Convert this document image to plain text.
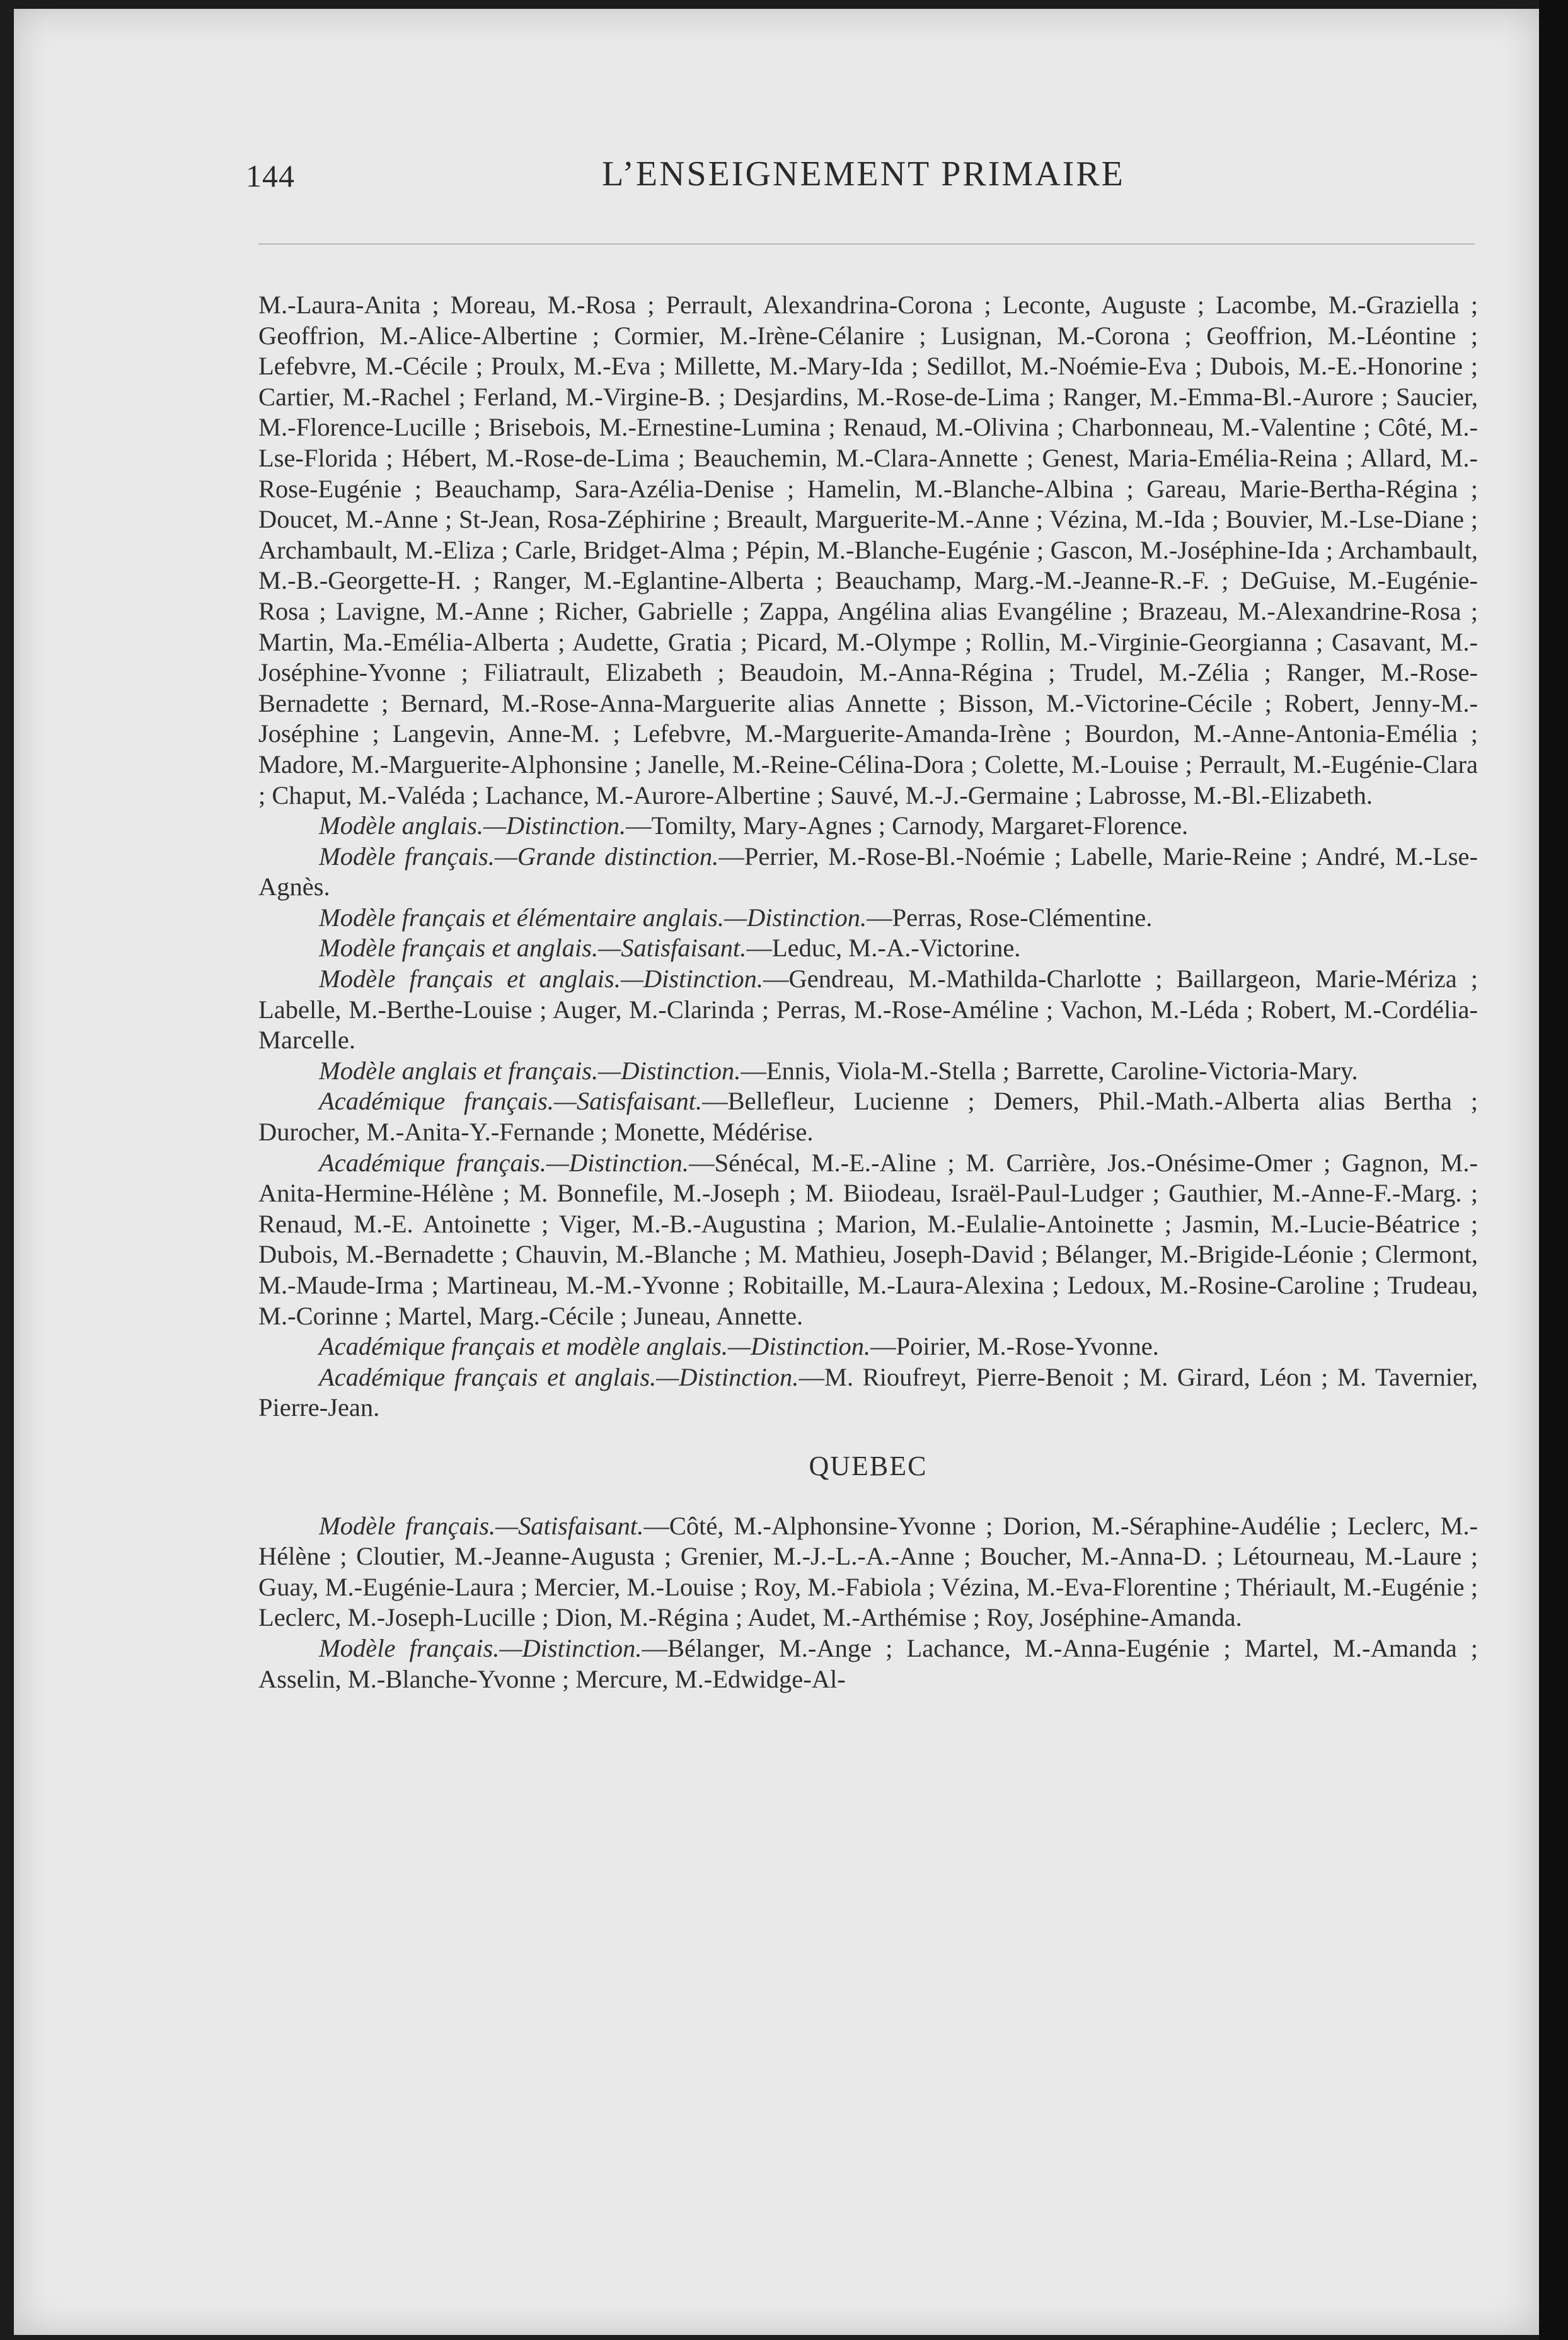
144	L’ENSEIGNEMENT PRIMAIRE

M.-Laura-Anita ; Moreau, M.-Rosa ; Perrault, Alexandrina-Corona ; Leconte, Auguste ; Lacombe, M.-Graziella ; Geoffrion, M.-Alice-Albertine ; Cormier, M.-Irène-Célanire ; Lusignan, M.-Corona ; Geoffrion, M.-Léontine ; Lefebvre, M.-Cécile ; Proulx, M.-Eva ; Millette, M.-Mary-Ida ; Sedillot, M.-Noémie-Eva ; Dubois, M.-E.-Honorine ; Cartier, M.-Rachel ; Ferland, M.-Virgine-B. ; Desjardins, M.-Rose-de-Lima ; Ranger, M.-Emma-Bl.-Aurore ; Saucier, M.-Florence-Lucille ; Brisebois, M.-Ernestine-Lumina ; Renaud, M.-Olivina ; Charbonneau, M.-Valentine ; Côté, M.-Lse-Florida ; Hébert, M.-Rose-de-Lima ; Beauchemin, M.-Clara-Annette ; Genest, Maria-Emélia-Reina ; Allard, M.-Rose-Eugénie ; Beauchamp, Sara-Azélia-Denise ; Hamelin, M.-Blanche-Albina ; Gareau, Marie-Bertha-Régina ; Doucet, M.-Anne ; St-Jean, Rosa-Zéphirine ; Breault, Marguerite-M.-Anne ; Vézina, M.-Ida ; Bouvier, M.-Lse-Diane ; Archambault, M.-Eliza ; Carle, Bridget-Alma ; Pépin, M.-Blanche-Eugénie ; Gascon, M.-Joséphine-Ida ; Archambault, M.-B.-Georgette-H. ; Ranger, M.-Eglantine-Alberta ; Beauchamp, Marg.-M.-Jeanne-R.-F. ; DeGuise, M.-Eugénie-Rosa ; Lavigne, M.-Anne ; Richer, Gabrielle ; Zappa, Angélina alias Evangéline ; Brazeau, M.-Alexandrine-Rosa ; Martin, Ma.-Emélia-Alberta ; Audette, Gratia ; Picard, M.-Olympe ; Rollin, M.-Virginie-Georgianna ; Casavant, M.-Joséphine-Yvonne ; Filiatrault, Elizabeth ; Beaudoin, M.-Anna-Régina ; Trudel, M.-Zélia ; Ranger, M.-Rose-Bernadette ; Bernard, M.-Rose-Anna-Marguerite alias Annette ; Bisson, M.-Victorine-Cécile ; Robert, Jenny-M.-Joséphine ; Langevin, Anne-M. ; Lefebvre, M.-Marguerite-Amanda-Irène ; Bourdon, M.-Anne-Antonia-Emélia ; Madore, M.-Marguerite-Alphonsine ; Janelle, M.-Reine-Célina-Dora ; Colette, M.-Louise ; Perrault, M.-Eugénie-Clara ; Chaput, M.-Valéda ; Lachance, M.-Aurore-Albertine ; Sauvé, M.-J.-Germaine ; Labrosse, M.-Bl.-Elizabeth.

Modèle anglais.—Distinction.—Tomilty, Mary-Agnes ; Carnody, Margaret-Florence.

Modèle français.—Grande distinction.—Perrier, M.-Rose-Bl.-Noémie ; Labelle, Marie-Reine ; André, M.-Lse-Agnès.

Modèle français et élémentaire anglais.—Distinction.—Perras, Rose-Clémentine.

Modèle français et anglais.—Satisfaisant.—Leduc, M.-A.-Victorine.

Modèle français et anglais.—Distinction.—Gendreau, M.-Mathilda-Charlotte ; Baillargeon, Marie-Mériza ; Labelle, M.-Berthe-Louise ; Auger, M.-Clarinda ; Perras, M.-Rose-Améline ; Vachon, M.-Léda ; Robert, M.-Cordélia-Marcelle.

Modèle anglais et français.—Distinction.—Ennis, Viola-M.-Stella ; Barrette, Caroline-Victoria-Mary.

Académique français.—Satisfaisant.—Bellefleur, Lucienne ; Demers, Phil.-Math.-Alberta alias Bertha ; Durocher, M.-Anita-Y.-Fernande ; Monette, Médérise.

Académique français.—Distinction.—Sénécal, M.-E.-Aline ; M. Carrière, Jos.-Onésime-Omer ; Gagnon, M.-Anita-Hermine-Hélène ; M. Bonnefile, M.-Joseph ; M. Biiodeau, Israël-Paul-Ludger ; Gauthier, M.-Anne-F.-Marg. ; Renaud, M.-E. Antoinette ; Viger, M.-B.-Augustina ; Marion, M.-Eulalie-Antoinette ; Jasmin, M.-Lucie-Béatrice ; Dubois, M.-Bernadette ; Chauvin, M.-Blanche ; M. Mathieu, Joseph-David ; Bélanger, M.-Brigide-Léonie ; Clermont, M.-Maude-Irma ; Martineau, M.-M.-Yvonne ; Robitaille, M.-Laura-Alexina ; Ledoux, M.-Rosine-Caroline ; Trudeau, M.-Corinne ; Martel, Marg.-Cécile ; Juneau, Annette.

Académique français et modèle anglais.—Distinction.—Poirier, M.-Rose-Yvonne.

Académique français et anglais.—Distinction.—M. Rioufreyt, Pierre-Benoit ; M. Girard, Léon ; M. Tavernier, Pierre-Jean.

QUEBEC

Modèle français.—Satisfaisant.—Côté, M.-Alphonsine-Yvonne ; Dorion, M.-Séraphine-Audélie ; Leclerc, M.-Hélène ; Cloutier, M.-Jeanne-Augusta ; Grenier, M.-J.-L.-A.-Anne ; Boucher, M.-Anna-D. ; Létourneau, M.-Laure ; Guay, M.-Eugénie-Laura ; Mercier, M.-Louise ; Roy, M.-Fabiola ; Vézina, M.-Eva-Florentine ; Thériault, M.-Eugénie ; Leclerc, M.-Joseph-Lucille ; Dion, M.-Régina ; Audet, M.-Arthémise ; Roy, Joséphine-Amanda.

Modèle français.—Distinction.—Bélanger, M.-Ange ; Lachance, M.-Anna-Eugénie ; Martel, M.-Amanda ; Asselin, M.-Blanche-Yvonne ; Mercure, M.-Edwidge-Al-
